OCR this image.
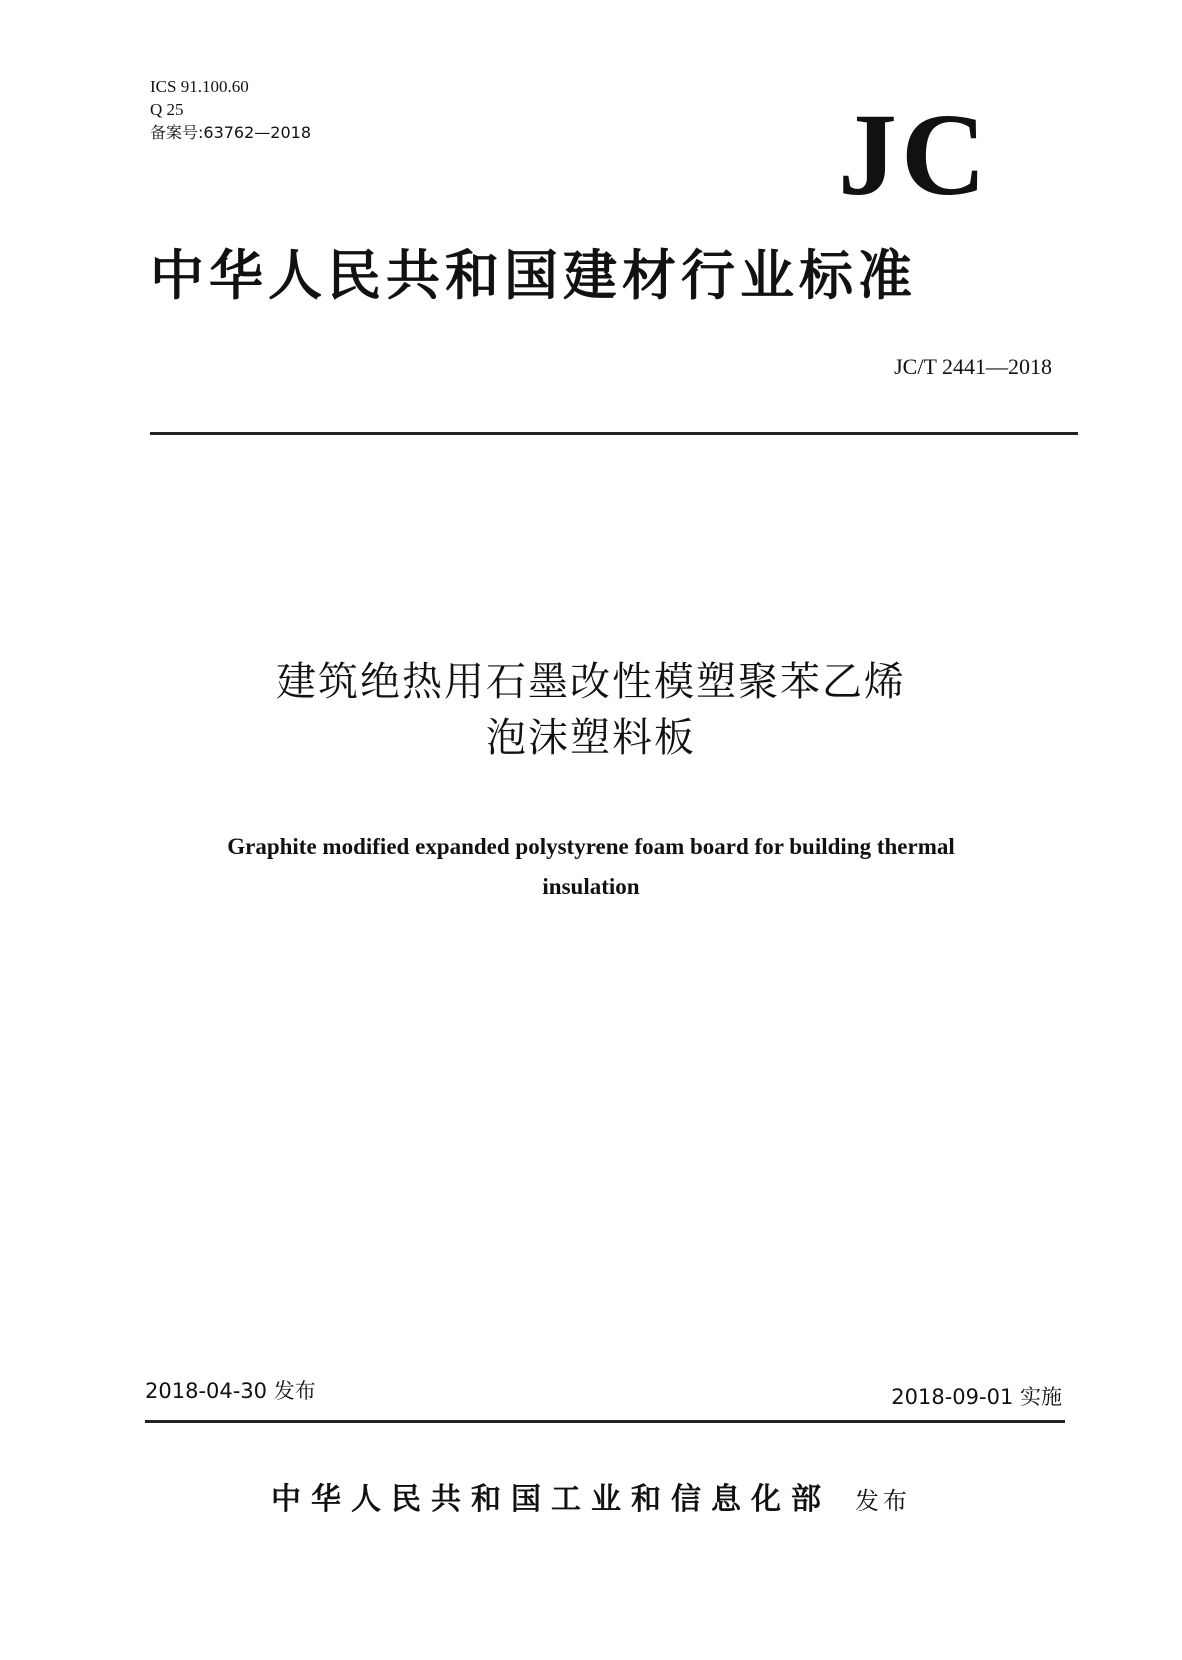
ICS 91.100.60
Q 25
备案号:63762—2018	JC
中华人民共和国建材行业标准
JC/T 2441—2018
建筑绝热用石墨改性模塑聚苯乙烯
泡沫塑料板
Graphite modified expanded polystyrene foam board for building thermal
insulation
2018-04-30 发布	2018-09-01 实施
中华人民共和国工业和信息化部 发布
